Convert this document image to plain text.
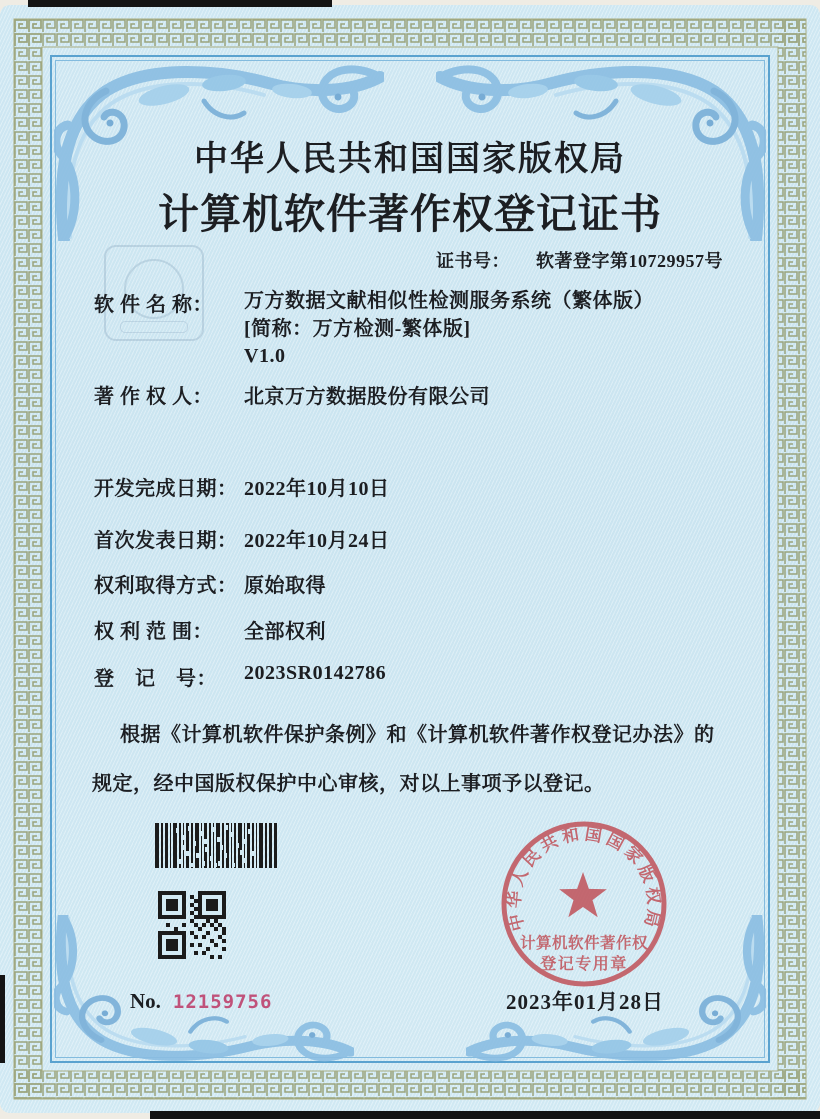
中华人民共和国国家版权局
计算机软件著作权登记证书
证书号： 软著登字第10729957号
软 件 名 称：	万方数据文献相似性检测服务系统（繁体版）
[简称：万方检测-繁体版]
V1.0
著 作 权 人：	北京万方数据股份有限公司
开发完成日期： 2022年10月10日
首次发表日期： 2022年10月24日
权利取得方式： 原始取得
权 利 范 围：	全部权利
登　记　号：	2023SR0142786
根据《计算机软件保护条例》和《计算机软件著作权登记办法》的
规定，经中国版权保护中心审核，对以上事项予以登记。
中华人民共和国国家版权局
计算机软件著作权
登记专用章
No. 12159756	2023年01月28日
